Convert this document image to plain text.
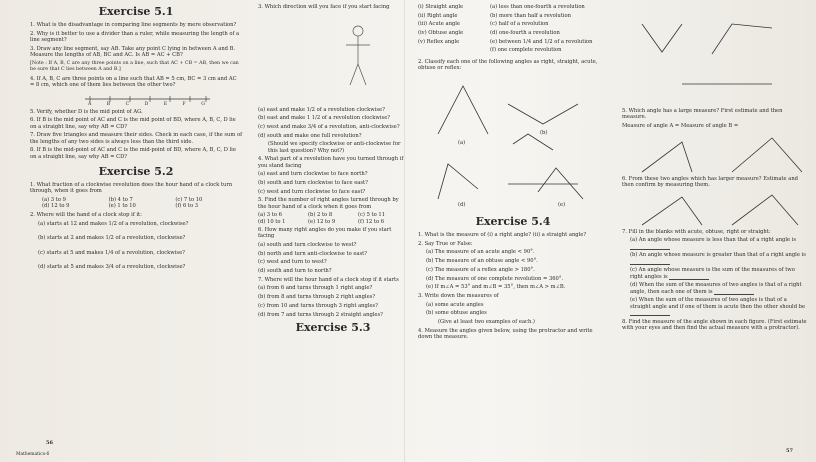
Exercise 5.1

1. What is the disadvantage in comparing line segments by mere observation?

2. Why is it better to use a divider than a ruler, while measuring the length of a line segment?

3. Draw any line segment, say AB. Take any point C lying in between A and B. Measure the lengths of AB, BC and AC. Is AB = AC + CB?

[Note : If A, B, C are any three points on a line, such that AC + CB = AB, then we can be sure that C lies between A and B.]

4. If A, B, C are three points on a line such that AB = 5 cm, BC = 3 cm and AC = 8 cm, which one of them lies between the other two?

A B C D E F G

5. Verify, whether D is the mid point of AG.

6. If B is the mid point of AC and C is the mid point of BD, where A, B, C, D lie on a straight line, say why AB = CD?

7. Draw five triangles and measure their sides. Check in each case, if the sum of the lengths of any two sides is always less than the third side.

8. If B is the mid-point of AC and C is the mid-point of BD, where A, B, C, D lie on a straight line, say why AB = CD?

Exercise 5.2

1. What fraction of a clockwise revolution does the hour hand of a clock turn through, when it goes from

(a) 3 to 9	(b) 4 to 7	(c) 7 to 10
(d) 12 to 9	(e) 1 to 10	(f) 6 to 3

2. Where will the hand of a clock stop if it:

(a) starts at 12 and makes 1/2 of a revolution, clockwise?

(b) starts at 2 and makes 1/2 of a revolution, clockwise?

(c) starts at 5 and makes 1/4 of a revolution, clockwise?

(d) starts at 5 and makes 3/4 of a revolution, clockwise?

56
Mathematics-6

3. Which direction will you face if you start facing

(a) east and make 1/2 of a revolution clockwise?

(b) east and make 1 1/2 of a revolution clockwise?

(c) west and make 3/4 of a revolution, anti-clockwise?

(d) south and make one full revolution?

(Should we specify clockwise or anti-clockwise for this last question? Why not?)

4. What part of a revolution have you turned through if you stand facing

(a) east and turn clockwise to face north?

(b) south and turn clockwise to face east?

(c) west and turn clockwise to face east?

5. Find the number of right angles turned through by the hour hand of a clock when it goes from

(a) 3 to 6	(b) 2 to 8	(c) 5 to 11
(d) 10 to 1	(e) 12 to 9	(f) 12 to 6

6. How many right angles do you make if you start facing

(a) south and turn clockwise to west?

(b) north and turn anti-clockwise to east?

(c) west and turn to west?

(d) south and turn to north?

7. Where will the hour hand of a clock stop if it starts

(a) from 6 and turns through 1 right angle?

(b) from 8 and turns through 2 right angles?

(c) from 10 and turns through 3 right angles?

(d) from 7 and turns through 2 straight angles?

Exercise 5.3

(i) Straight angle

(ii) Right angle

(iii) Acute angle

(iv) Obtuse angle

(v) Reflex angle

(a) less than one-fourth a revolution

(b) more than half a revolution

(c) half of a revolution

(d) one-fourth a revolution

(e) between 1/4 and 1/2 of a revolution

(f) one complete revolution

2. Classify each one of the following angles as right, straight, acute, obtuse or reflex:

(a)
(b)
(d)	(e)
Exercise 5.4

1. What is the measure of (i) a right angle? (ii) a straight angle?

2. Say True or False:

(a) The measure of an acute angle < 90°.

(b) The measure of an obtuse angle < 90°.

(c) The measure of a reflex angle > 180°.

(d) The measure of one complete revolution = 360°.

(e) If m∠A = 53° and m∠B = 35°, then m∠A > m∠B.

3. Write down the measures of

(a) some acute angles

(b) some obtuse angles

(Give at least two examples of each.)

4. Measure the angles given below, using the protractor and write down the measure.

5. Which angle has a large measure? First estimate and then measure.

Measure of angle A = Measure of angle B =

6. From these two angles which has larger measure? Estimate and then confirm by measuring them.

7. Fill in the blanks with acute, obtuse, right or straight:

(a) An angle whose measure is less than that of a right angle is

(b) An angle whose measure is greater than that of a right angle is

(c) An angle whose measure is the sum of the measures of two right angles is

(d) When the sum of the measures of two angles is that of a right angle, then each one of them is

(e) When the sum of the measures of two angles is that of a straight angle and if one of them is acute then the other should be

8. Find the measure of the angle shown in each figure. (First estimate with your eyes and then find the actual measure with a protractor).

57
